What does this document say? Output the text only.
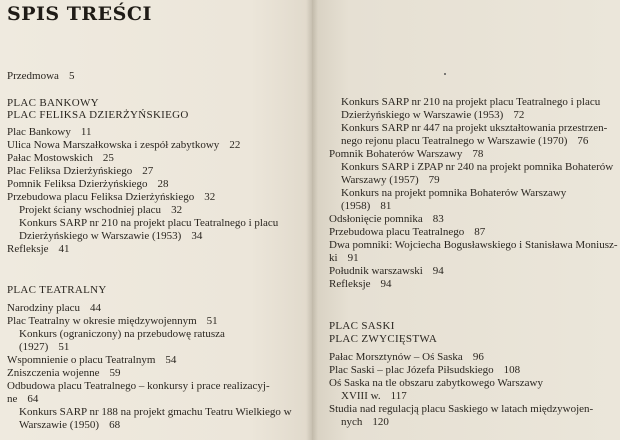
SPIS TREŚCI
Przedmowa 5
PLAC BANKOWY
PLAC FELIKSA DZIERŻYŃSKIEGO
Plac Bankowy 11
Ulica Nowa Marszałkowska i zespół zabytkowy 22
Pałac Mostowskich 25
Plac Feliksa Dzierżyńskiego 27
Pomnik Feliksa Dzierżyńskiego 28
Przebudowa placu Feliksa Dzierżyńskiego 32
Projekt ściany wschodniej placu 32
Konkurs SARP nr 210 na projekt placu Teatralnego i placu
Dzierżyńskiego w Warszawie (1953) 34
Refleksje 41
PLAC TEATRALNY
Narodziny placu 44
Plac Teatralny w okresie międzywojennym 51
Konkurs (ograniczony) na przebudowę ratusza
(1927) 51
Wspomnienie o placu Teatralnym 54
Zniszczenia wojenne 59
Odbudowa placu Teatralnego – konkursy i prace realizacyj-
ne 64
Konkurs SARP nr 188 na projekt gmachu Teatru Wielkiego w
Warszawie (1950) 68
Konkurs SARP nr 210 na projekt placu Teatralnego i placu
Dzierżyńskiego w Warszawie (1953) 72
Konkurs SARP nr 447 na projekt ukształtowania przestrzen-
nego rejonu placu Teatralnego w Warszawie (1970) 76
Pomnik Bohaterów Warszawy 78
Konkurs SARP i ZPAP nr 240 na projekt pomnika Bohaterów
Warszawy (1957) 79
Konkurs na projekt pomnika Bohaterów Warszawy
(1958) 81
Odsłonięcie pomnika 83
Przebudowa placu Teatralnego 87
Dwa pomniki: Wojciecha Bogusławskiego i Stanisława Moniusz-
ki 91
Południk warszawski 94
Refleksje 94
PLAC SASKI
PLAC ZWYCIĘSTWA
Pałac Morsztynów – Oś Saska 96
Plac Saski – plac Józefa Piłsudskiego 108
Oś Saska na tle obszaru zabytkowego Warszawy
XVIII w. 117
Studia nad regulacją placu Saskiego w latach międzywojen-
nych 120
